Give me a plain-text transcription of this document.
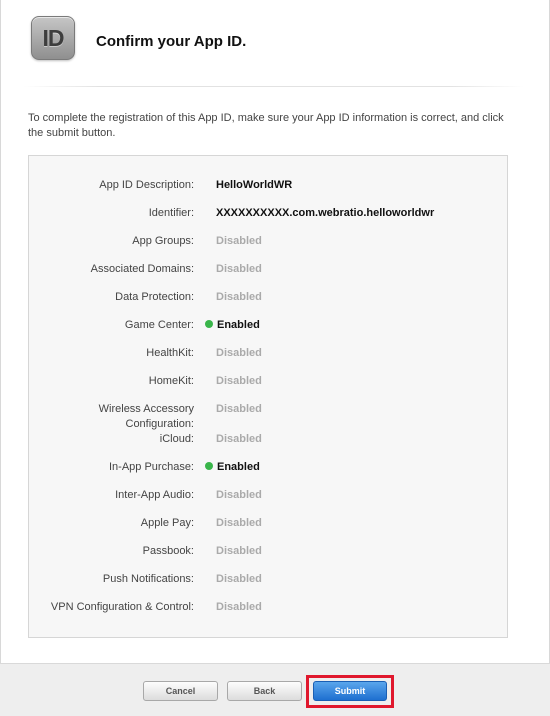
ID Confirm your App ID.
To complete the registration of this App ID, make sure your App ID information is correct, and click the submit button.
App ID Description: HelloWorldWR
Identifier: XXXXXXXXXX.com.webratio.helloworldwr
App Groups: Disabled
Associated Domains: Disabled
Data Protection: Disabled
Game Center:	Enabled
HealthKit: Disabled
HomeKit: Disabled
Wireless Accessory Configuration:
Disabled
iCloud: Disabled
In-App Purchase:	Enabled
Inter-App Audio: Disabled
Apple Pay: Disabled
Passbook: Disabled
Push Notifications: Disabled
VPN Configuration & Control: Disabled
Cancel	Back	Submit
